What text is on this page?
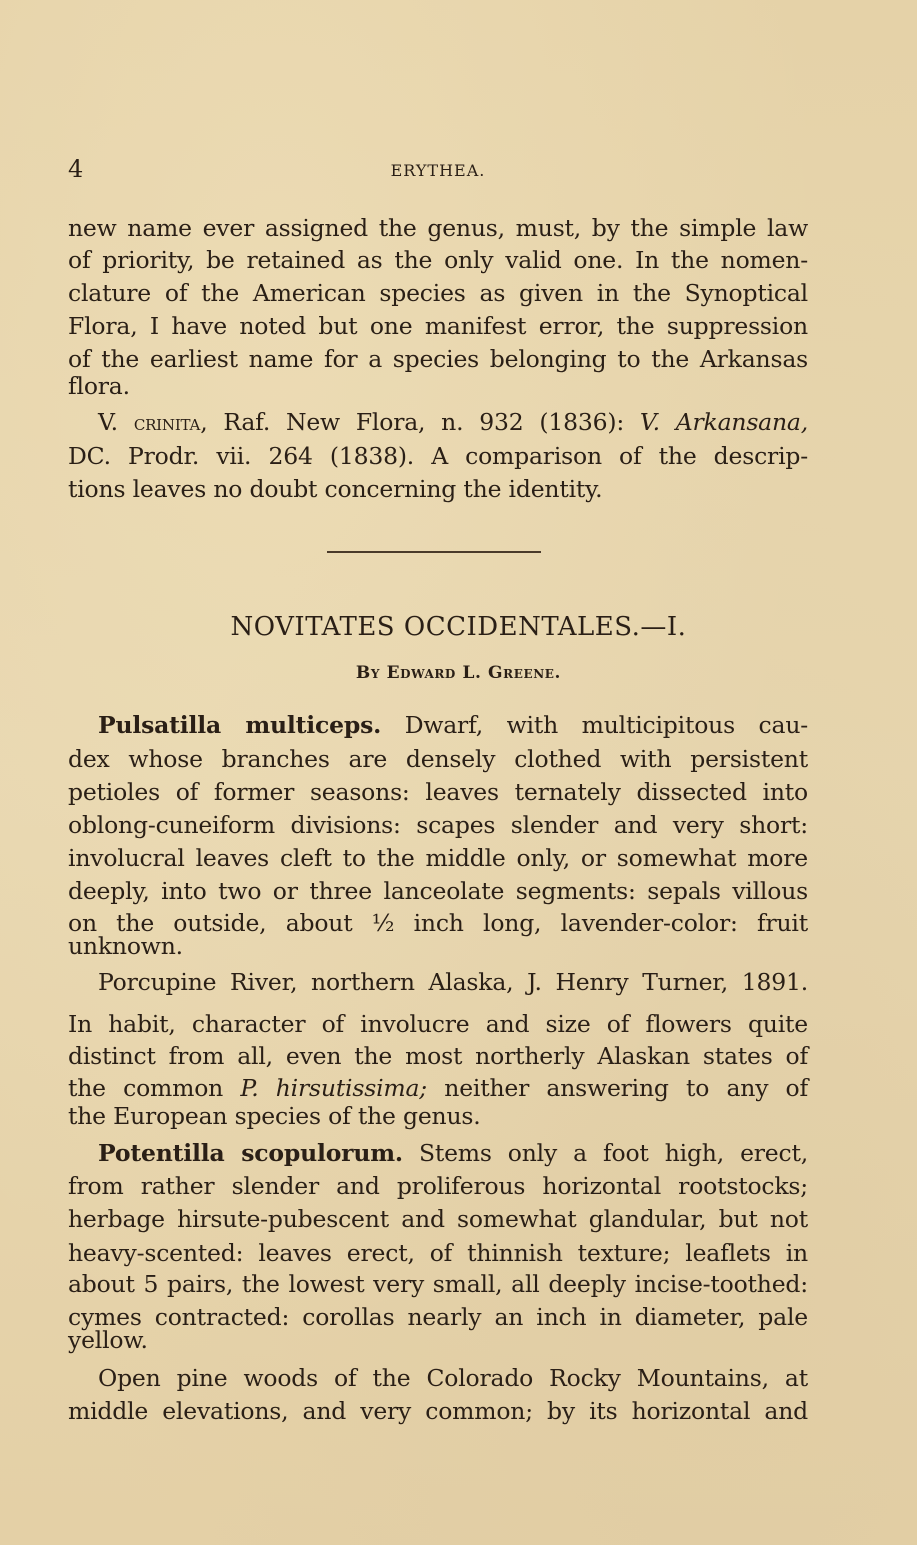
4	ERYTHEA.
new name ever assigned the genus, must, by the simple law
of priority, be retained as the only valid one. In the nomen-
clature of the American species as given in the Synoptical
Flora, I have noted but one manifest error, the suppression
of the earliest name for a species belonging to the Arkansas
flora.
V. crinita, Raf. New Flora, n. 932 (1836): V. Arkansana,
DC. Prodr. vii. 264 (1838). A comparison of the descrip-
tions leaves no doubt concerning the identity.
NOVITATES OCCIDENTALES.—I.
By Edward L. Greene.
Pulsatilla multiceps. Dwarf, with multicipitous cau-
dex whose branches are densely clothed with persistent
petioles of former seasons: leaves ternately dissected into
oblong-cuneiform divisions: scapes slender and very short:
involucral leaves cleft to the middle only, or somewhat more
deeply, into two or three lanceolate segments: sepals villous
on the outside, about ½ inch long, lavender-color: fruit
unknown.
Porcupine River, northern Alaska, J. Henry Turner, 1891.
In habit, character of involucre and size of flowers quite
distinct from all, even the most northerly Alaskan states of
the common P. hirsutissima; neither answering to any of
the European species of the genus.
Potentilla scopulorum. Stems only a foot high, erect,
from rather slender and proliferous horizontal rootstocks;
herbage hirsute-pubescent and somewhat glandular, but not
heavy-scented: leaves erect, of thinnish texture; leaflets in
about 5 pairs, the lowest very small, all deeply incise-toothed:
cymes contracted: corollas nearly an inch in diameter, pale
yellow.
Open pine woods of the Colorado Rocky Mountains, at
middle elevations, and very common; by its horizontal and
